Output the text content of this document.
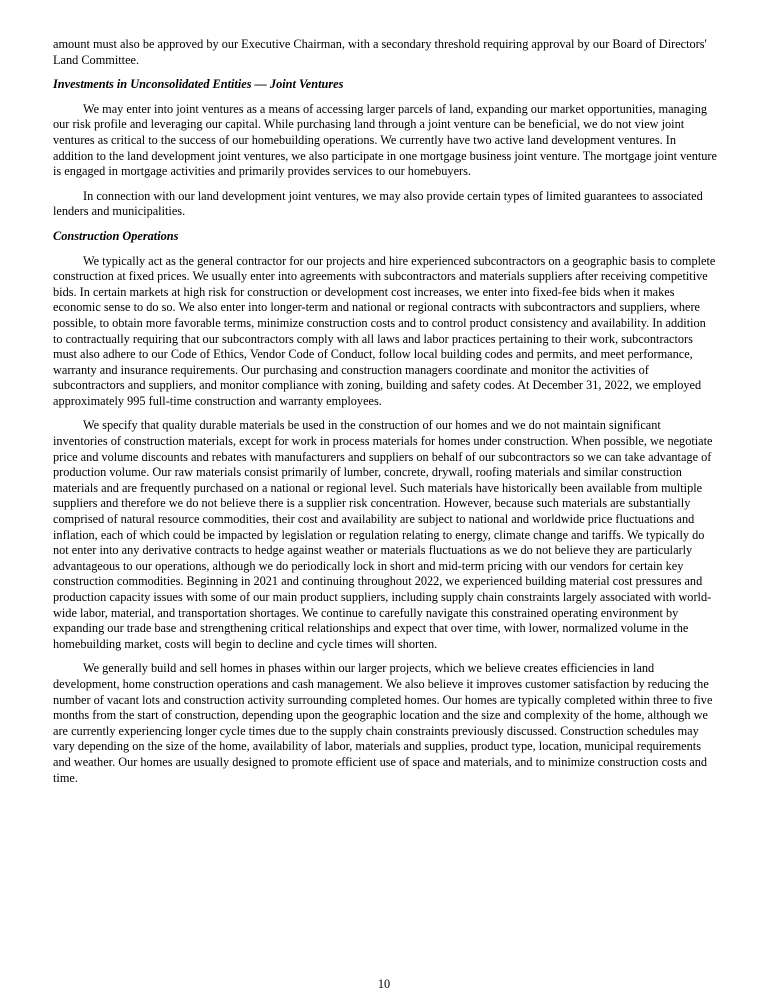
amount must also be approved by our Executive Chairman, with a secondary threshold requiring approval by our Board of Directors' Land Committee.

Investments in Unconsolidated Entities — Joint Ventures

We may enter into joint ventures as a means of accessing larger parcels of land, expanding our market opportunities, managing our risk profile and leveraging our capital. While purchasing land through a joint venture can be beneficial, we do not view joint ventures as critical to the success of our homebuilding operations. We currently have two active land development ventures. In addition to the land development joint ventures, we also participate in one mortgage business joint venture. The mortgage joint venture is engaged in mortgage activities and primarily provides services to our homebuyers.

In connection with our land development joint ventures, we may also provide certain types of limited guarantees to associated lenders and municipalities.

Construction Operations

We typically act as the general contractor for our projects and hire experienced subcontractors on a geographic basis to complete construction at fixed prices. We usually enter into agreements with subcontractors and materials suppliers after receiving competitive bids. In certain markets at high risk for construction or development cost increases, we enter into fixed-fee bids when it makes economic sense to do so. We also enter into longer-term and national or regional contracts with subcontractors and suppliers, where possible, to obtain more favorable terms, minimize construction costs and to control product consistency and availability. In addition to contractually requiring that our subcontractors comply with all laws and labor practices pertaining to their work, subcontractors must also adhere to our Code of Ethics, Vendor Code of Conduct, follow local building codes and permits, and meet performance, warranty and insurance requirements. Our purchasing and construction managers coordinate and monitor the activities of subcontractors and suppliers, and monitor compliance with zoning, building and safety codes. At December 31, 2022, we employed approximately 995 full-time construction and warranty employees.

We specify that quality durable materials be used in the construction of our homes and we do not maintain significant inventories of construction materials, except for work in process materials for homes under construction. When possible, we negotiate price and volume discounts and rebates with manufacturers and suppliers on behalf of our subcontractors so we can take advantage of production volume. Our raw materials consist primarily of lumber, concrete, drywall, roofing materials and similar construction materials and are frequently purchased on a national or regional level. Such materials have historically been available from multiple suppliers and therefore we do not believe there is a supplier risk concentration. However, because such materials are substantially comprised of natural resource commodities, their cost and availability are subject to national and worldwide price fluctuations and inflation, each of which could be impacted by legislation or regulation relating to energy, climate change and tariffs. We typically do not enter into any derivative contracts to hedge against weather or materials fluctuations as we do not believe they are particularly advantageous to our operations, although we do periodically lock in short and mid-term pricing with our vendors for certain key construction commodities. Beginning in 2021 and continuing throughout 2022, we experienced building material cost pressures and production capacity issues with some of our main product suppliers, including supply chain constraints largely associated with world-wide labor, material, and transportation shortages. We continue to carefully navigate this constrained operating environment by expanding our trade base and strengthening critical relationships and expect that over time, with lower, normalized volume in the homebuilding market, costs will begin to decline and cycle times will shorten.

We generally build and sell homes in phases within our larger projects, which we believe creates efficiencies in land development, home construction operations and cash management. We also believe it improves customer satisfaction by reducing the number of vacant lots and construction activity surrounding completed homes. Our homes are typically completed within three to five months from the start of construction, depending upon the geographic location and the size and complexity of the home, although we are currently experiencing longer cycle times due to the supply chain constraints previously discussed. Construction schedules may vary depending on the size of the home, availability of labor, materials and supplies, product type, location, municipal requirements and weather. Our homes are usually designed to promote efficient use of space and materials, and to minimize construction costs and time.

10
